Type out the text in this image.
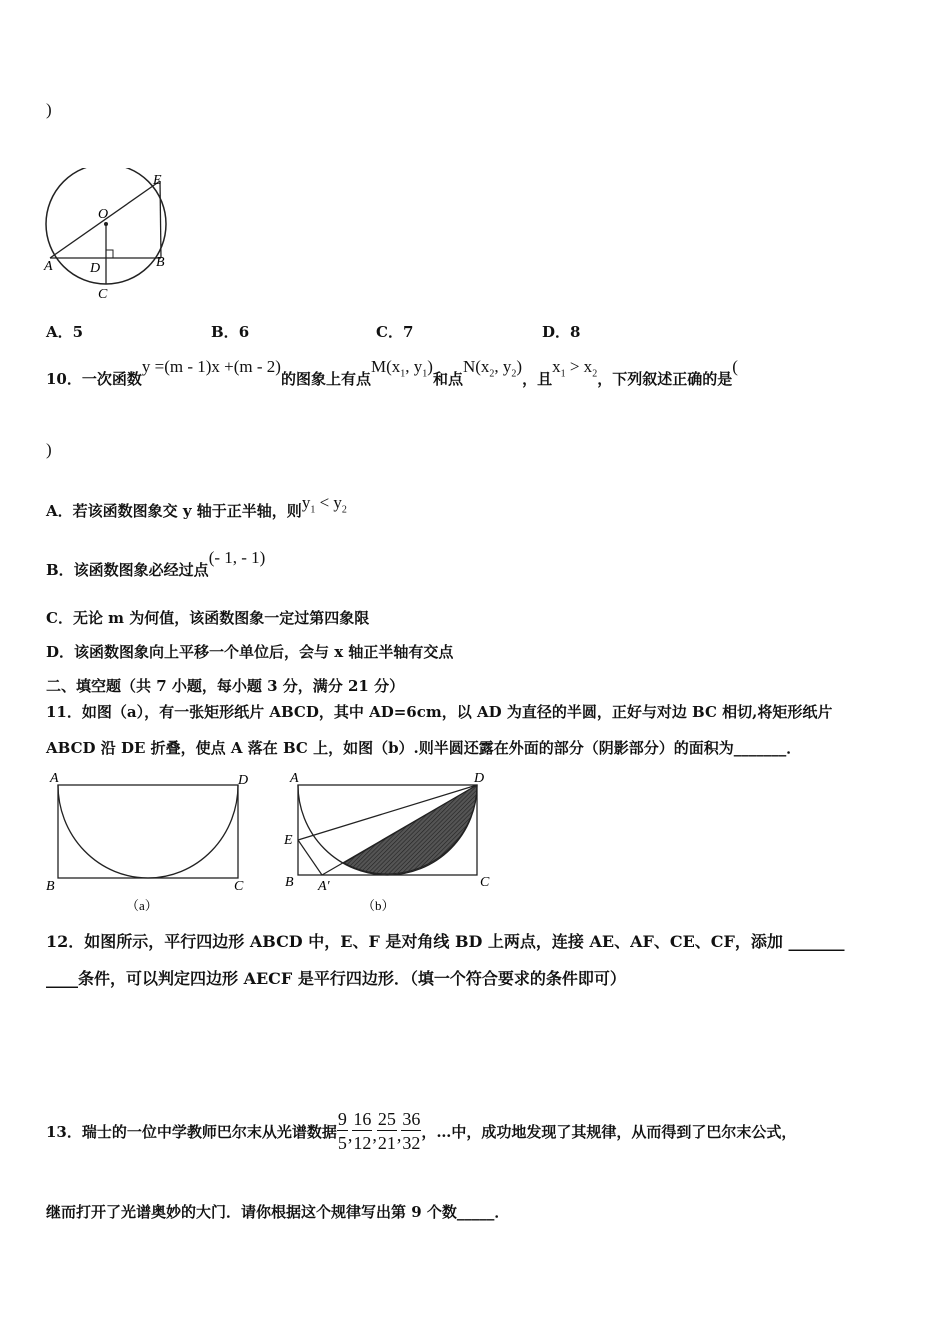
)
O
E
A	D	B
C
A．5	B．6	C．7	D．8
10．一次函数y =(m - 1)x +(m - 2)的图象上有点$M(x_1$, $y_1$)和点$N(x_2$, $y_2$)，且$x_1 > x_2$，下列叙述正确的是(
)
A．若该函数图象交 y 轴于正半轴，则$y_1 < y_2$
B．该函数图象必经过点(- 1, - 1)
C．无论 m 为何值，该函数图象一定过第四象限
D．该函数图象向上平移一个单位后，会与 x 轴正半轴有交点
二、填空题（共 7 小题，每小题 3 分，满分 21 分）
11．如图（a），有一张矩形纸片 ABCD，其中 AD=6cm，以 AD 为直径的半圆，正好与对边 BC 相切,将矩形纸片
ABCD 沿 DE 折叠，使点 A 落在 BC 上，如图（b）.则半圆还露在外面的部分（阴影部分）的面积为_______．
A	D
B	C
（a）
A	D
E
B A′	C
（b）
12．如图所示，平行四边形 ABCD 中，E、F 是对角线 BD 上两点，连接 AE、AF、CE、CF，添加 _______
____条件，可以判定四边形 AECF 是平行四边形．（填一个符合要求的条件即可）
13．瑞士的一位中学教师巴尔末从光谱数据 $\frac{9}{5}$ , $\frac{16}{12}$ , $\frac{25}{21}$ , $\frac{36}{32}$ ，…中，成功地发现了其规律，从而得到了巴尔末公式，
继而打开了光谱奥妙的大门．请你根据这个规律写出第 9 个数_____．
